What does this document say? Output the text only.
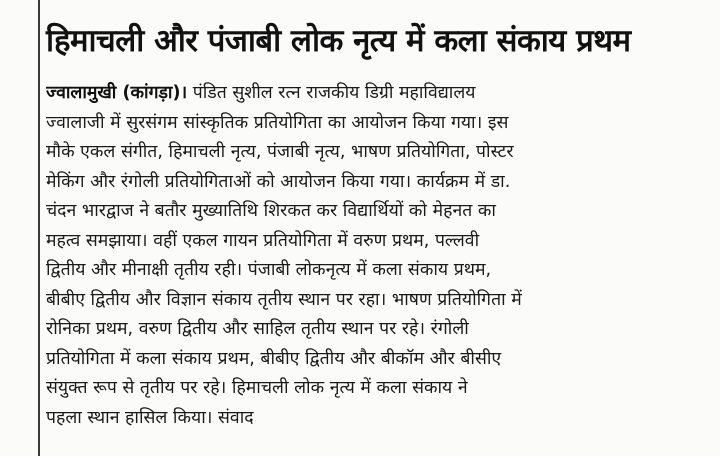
हिमाचली और पंजाबी लोक नृत्य में कला संकाय प्रथम
ज्वालामुखी (कांगड़ा)। पंडित सुशील रत्न राजकीय डिग्री महाविद्यालय
ज्वालाजी में सुरसंगम सांस्कृतिक प्रतियोगिता का आयोजन किया गया। इस
मौके एकल संगीत, हिमाचली नृत्य, पंजाबी नृत्य, भाषण प्रतियोगिता, पोस्टर
मेकिंग और रंगोली प्रतियोगिताओं को आयोजन किया गया। कार्यक्रम में डा.
चंदन भारद्वाज ने बतौर मुख्यातिथि शिरकत कर विद्यार्थियों को मेहनत का
महत्व समझाया। वहीं एकल गायन प्रतियोगिता में वरुण प्रथम, पल्लवी
द्वितीय और मीनाक्षी तृतीय रही। पंजाबी लोकनृत्य में कला संकाय प्रथम,
बीबीए द्वितीय और विज्ञान संकाय तृतीय स्थान पर रहा। भाषण प्रतियोगिता में
रोनिका प्रथम, वरुण द्वितीय और साहिल तृतीय स्थान पर रहे। रंगोली
प्रतियोगिता में कला संकाय प्रथम, बीबीए द्वितीय और बीकॉम और बीसीए
संयुक्त रूप से तृतीय पर रहे। हिमाचली लोक नृत्य में कला संकाय ने
पहला स्थान हासिल किया। संवाद
